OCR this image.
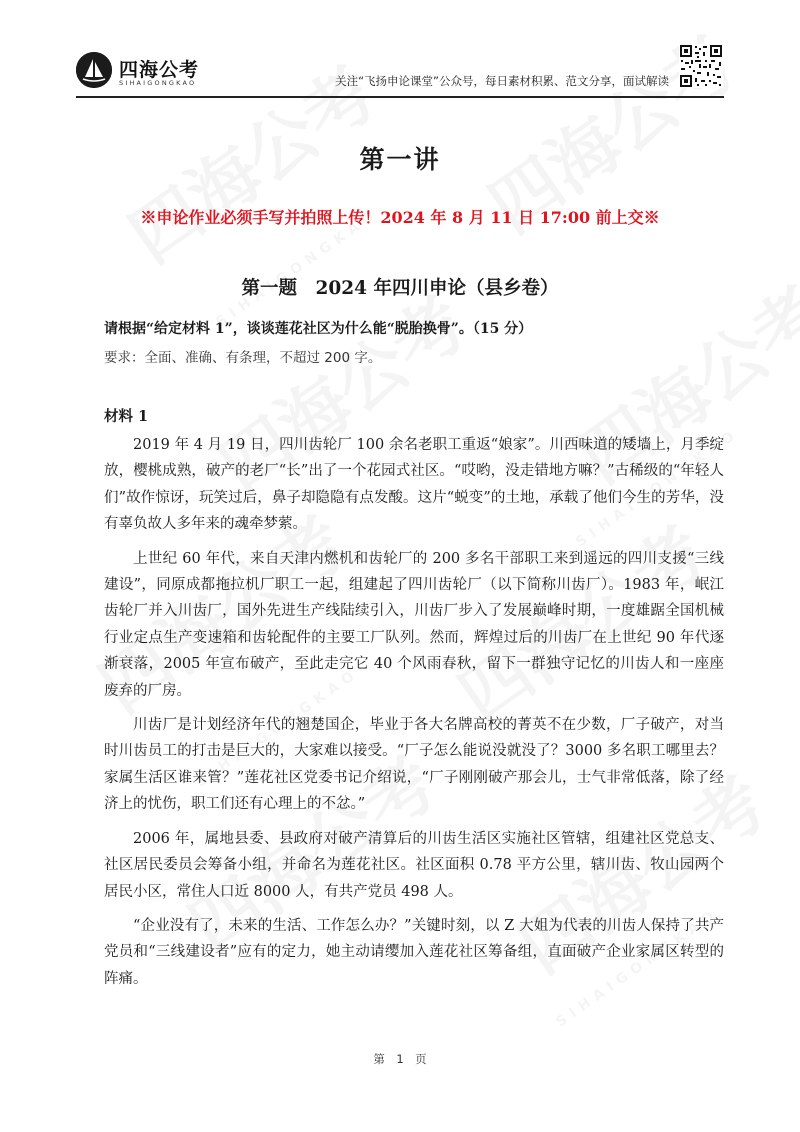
四海公考
SIHAIGONGKAO	关注“飞扬申论课堂”公众号，每日素材积累、范文分享，面试解读
第一讲

※申论作业必须手写并拍照上传！2024 年 8 月 11 日 17:00 前上交※

第一题　2024 年四川申论（县乡卷）

请根据“给定材料 1”，谈谈莲花社区为什么能“脱胎换骨”。（15 分）

要求：全面、准确、有条理，不超过 200 字。

材料 1

2019 年 4 月 19 日，四川齿轮厂 100 余名老职工重返“娘家”。川西味道的矮墙上，月季绽放，樱桃成熟，破产的老厂“长”出了一个花园式社区。“哎哟，没走错地方嘛？”古稀级的“年轻人们”故作惊讶，玩笑过后，鼻子却隐隐有点发酸。这片“蜕变”的土地，承载了他们今生的芳华，没有辜负故人多年来的魂牵梦萦。

上世纪 60 年代，来自天津内燃机和齿轮厂的 200 多名干部职工来到遥远的四川支援“三线建设”，同原成都拖拉机厂职工一起，组建起了四川齿轮厂（以下简称川齿厂）。1983 年，岷江齿轮厂并入川齿厂，国外先进生产线陆续引入，川齿厂步入了发展巅峰时期，一度雄踞全国机械行业定点生产变速箱和齿轮配件的主要工厂队列。然而，辉煌过后的川齿厂在上世纪 90 年代逐渐衰落，2005 年宣布破产，至此走完它 40 个风雨春秋，留下一群独守记忆的川齿人和一座座废弃的厂房。

川齿厂是计划经济年代的翘楚国企，毕业于各大名牌高校的菁英不在少数，厂子破产，对当时川齿员工的打击是巨大的，大家难以接受。“厂子怎么能说没就没了？3000 多名职工哪里去？家属生活区谁来管？”莲花社区党委书记介绍说，“厂子刚刚破产那会儿，士气非常低落，除了经济上的忧伤，职工们还有心理上的不忿。”

2006 年，属地县委、县政府对破产清算后的川齿生活区实施社区管辖，组建社区党总支、社区居民委员会筹备小组，并命名为莲花社区。社区面积 0.78 平方公里，辖川齿、牧山园两个居民小区，常住人口近 8000 人，有共产党员 498 人。

“企业没有了，未来的生活、工作怎么办？”关键时刻，以 Z 大姐为代表的川齿人保持了共产党员和“三线建设者”应有的定力，她主动请缨加入莲花社区筹备组，直面破产企业家属区转型的阵痛。

第　1　页
